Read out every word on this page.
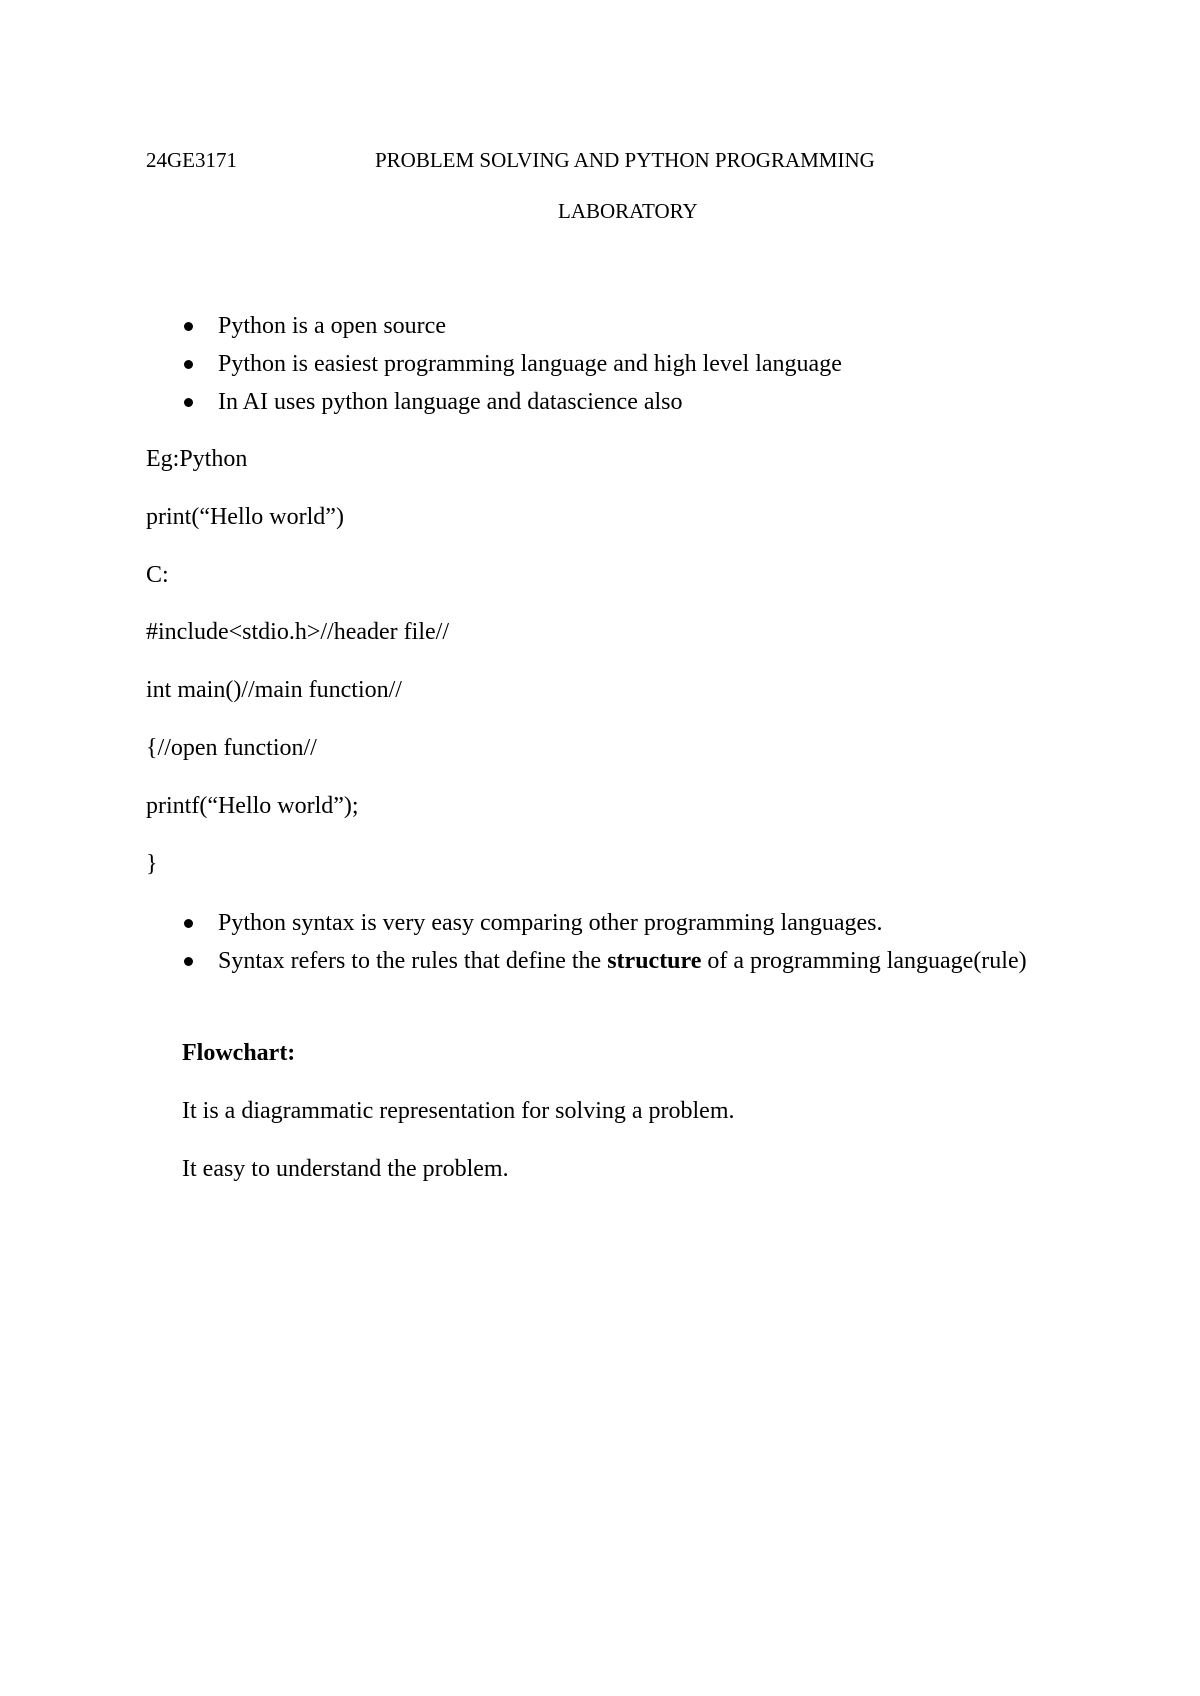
24GE3171	PROBLEM SOLVING AND PYTHON PROGRAMMING
LABORATORY
Python is a open source
Python is easiest programming language and high level language
In AI uses python language and datascience also
Eg:Python
print(“Hello world”)
C:
#include<stdio.h>//header file//
int main()//main function//
{//open function//
printf(“Hello world”);
}
Python syntax is very easy comparing other programming languages.
Syntax refers to the rules that define the structure of a programming language(rule)
Flowchart:
It is a diagrammatic representation for solving a problem.
It easy to understand the problem.
